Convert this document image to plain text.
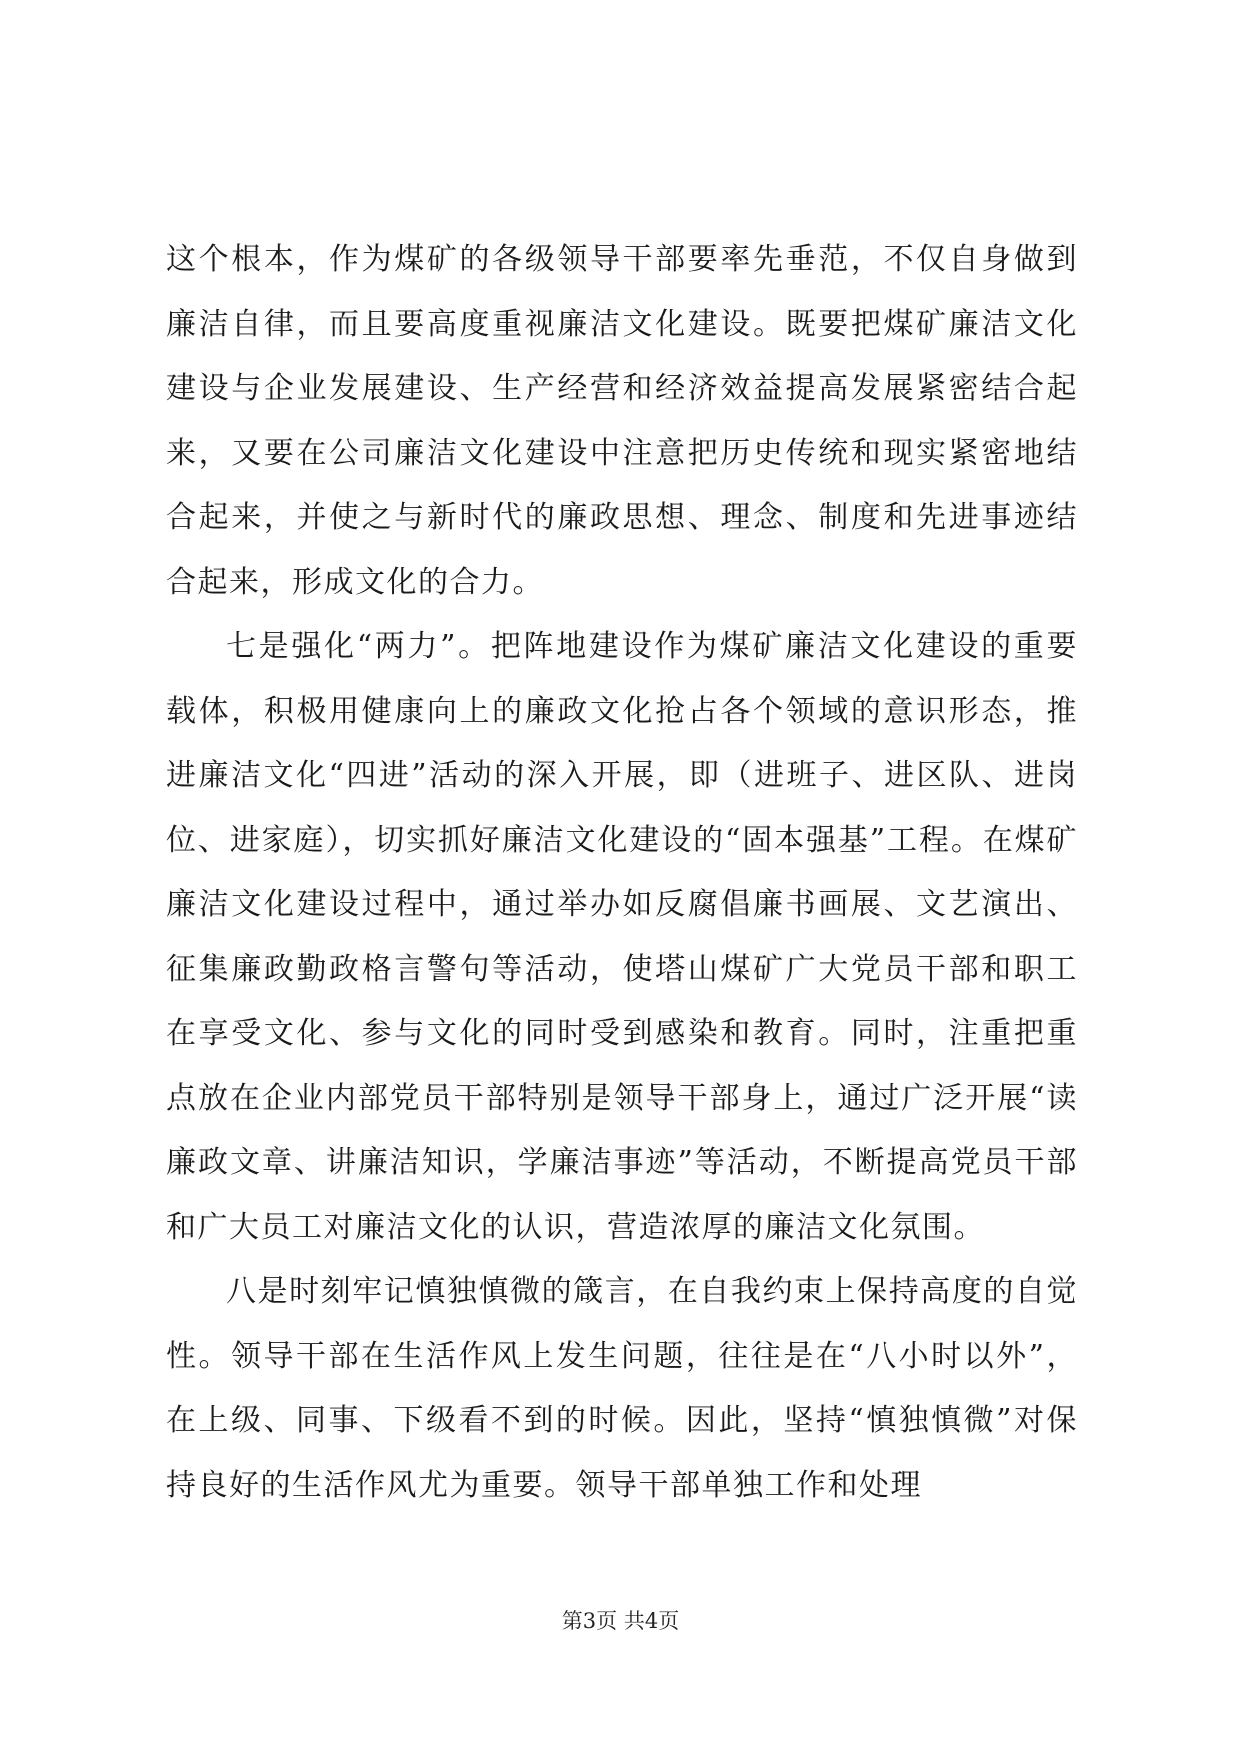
这个根本，作为煤矿的各级领导干部要率先垂范，不仅自身做到廉洁自律，而且要高度重视廉洁文化建设。既要把煤矿廉洁文化建设与企业发展建设、生产经营和经济效益提高发展紧密结合起来，又要在公司廉洁文化建设中注意把历史传统和现实紧密地结合起来，并使之与新时代的廉政思想、理念、制度和先进事迹结合起来，形成文化的合力。

七是强化“两力”。把阵地建设作为煤矿廉洁文化建设的重要载体，积极用健康向上的廉政文化抢占各个领域的意识形态，推进廉洁文化“四进”活动的深入开展，即（进班子、进区队、进岗位、进家庭），切实抓好廉洁文化建设的“固本强基”工程。在煤矿廉洁文化建设过程中，通过举办如反腐倡廉书画展、文艺演出、征集廉政勤政格言警句等活动，使塔山煤矿广大党员干部和职工在享受文化、参与文化的同时受到感染和教育。同时，注重把重点放在企业内部党员干部特别是领导干部身上，通过广泛开展“读廉政文章、讲廉洁知识，学廉洁事迹”等活动，不断提高党员干部和广大员工对廉洁文化的认识，营造浓厚的廉洁文化氛围。

八是时刻牢记慎独慎微的箴言，在自我约束上保持高度的自觉性。领导干部在生活作风上发生问题，往往是在“八小时以外”，在上级、同事、下级看不到的时候。因此，坚持“慎独慎微”对保持良好的生活作风尤为重要。领导干部单独工作和处理

第3页 共4页
